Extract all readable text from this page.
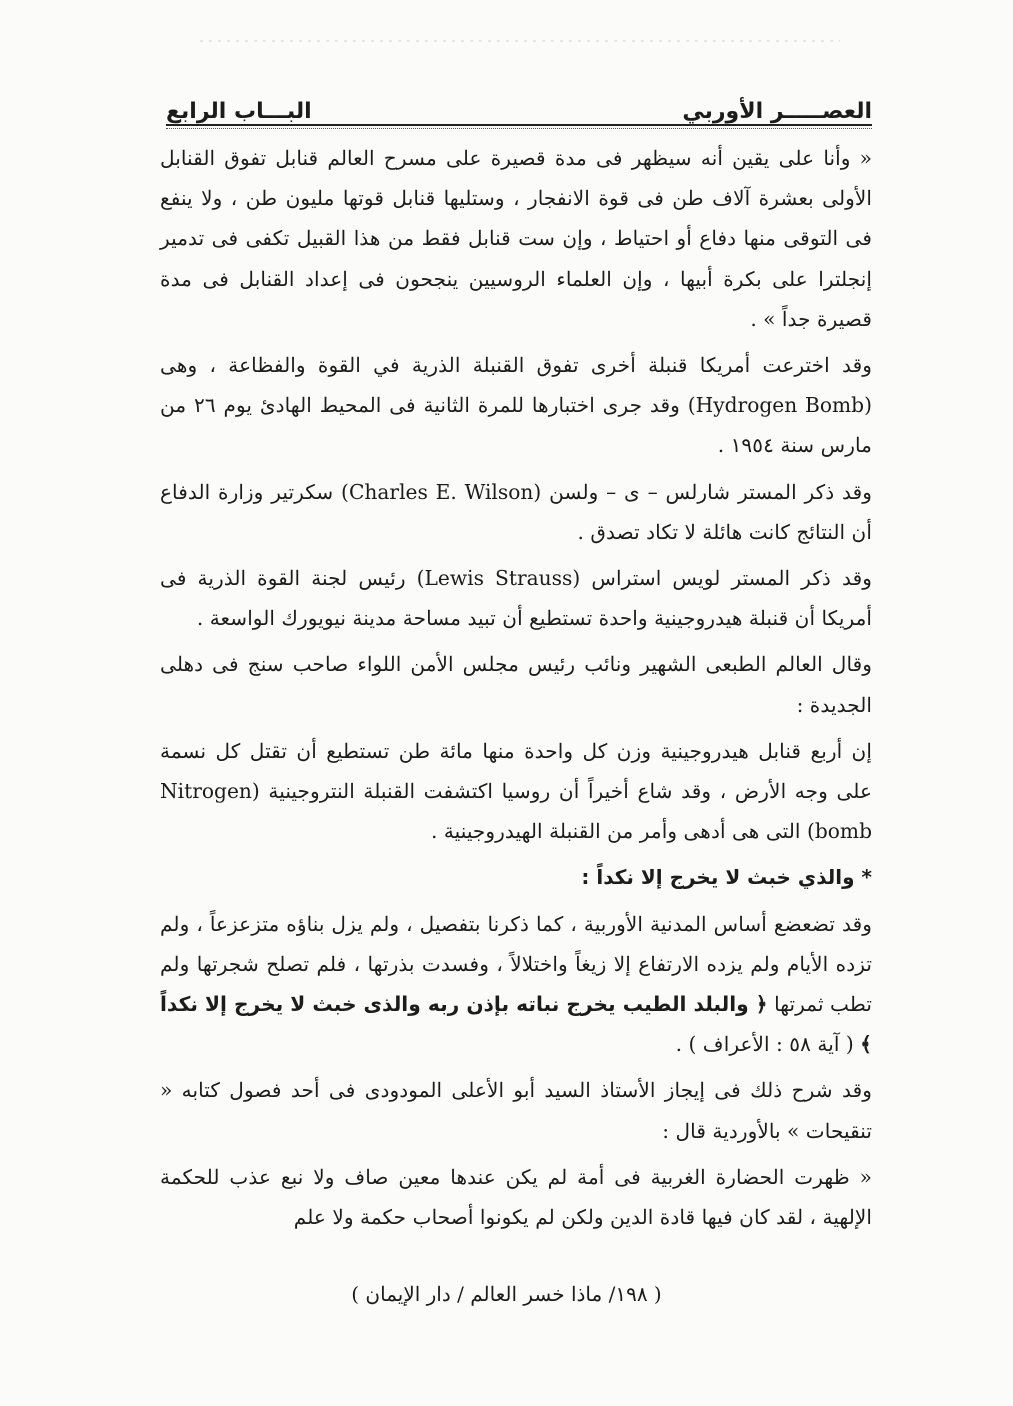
العصـــــر الأوربي
البـــاب الرابع

« وأنا على يقين أنه سيظهر فى مدة قصيرة على مسرح العالم قنابل تفوق القنابل الأولى بعشرة آلاف طن فى قوة الانفجار ، وستليها قنابل قوتها مليون طن ، ولا ينفع فى التوقى منها دفاع أو احتياط ، وإن ست قنابل فقط من هذا القبيل تكفى فى تدمير إنجلترا على بكرة أبيها ، وإن العلماء الروسيين ينجحون فى إعداد القنابل فى مدة قصيرة جداً » .

وقد اخترعت أمريكا قنبلة أخرى تفوق القنبلة الذرية في القوة والفظاعة ، وهى (Hydrogen Bomb) وقد جرى اختبارها للمرة الثانية فى المحيط الهادئ يوم ٢٦ من مارس سنة ١٩٥٤ .

وقد ذكر المستر شارلس – ى – ولسن (Charles E. Wilson) سكرتير وزارة الدفاع أن النتائج كانت هائلة لا تكاد تصدق .

وقد ذكر المستر لويس استراس (Lewis Strauss) رئيس لجنة القوة الذرية فى أمريكا أن قنبلة هيدروجينية واحدة تستطيع أن تبيد مساحة مدينة نيويورك الواسعة .

وقال العالم الطبعى الشهير ونائب رئيس مجلس الأمن اللواء صاحب سنج فى دهلى الجديدة :

إن أربع قنابل هيدروجينية وزن كل واحدة منها مائة طن تستطيع أن تقتل كل نسمة على وجه الأرض ، وقد شاع أخيراً أن روسيا اكتشفت القنبلة النتروجينية (Nitrogen bomb) التى هى أدهى وأمر من القنبلة الهيدروجينية .

* والذي خبث لا يخرج إلا نكداً :

وقد تضعضع أساس المدنية الأوربية ، كما ذكرنا بتفصيل ، ولم يزل بناؤه متزعزعاً ، ولم تزده الأيام ولم يزده الارتفاع إلا زيغاً واختلالاً ، وفسدت بذرتها ، فلم تصلح شجرتها ولم تطب ثمرتها ﴿ والبلد الطيب يخرج نباته بإذن ربه والذى خبث لا يخرج إلا نكداً ﴾ ( آية ٥٨ : الأعراف ) .

وقد شرح ذلك فى إيجاز الأستاذ السيد أبو الأعلى المودودى فى أحد فصول كتابه « تنقيحات » بالأوردية قال :

« ظهرت الحضارة الغربية فى أمة لم يكن عندها معين صاف ولا نبع عذب للحكمة الإلهية ، لقد كان فيها قادة الدين ولكن لم يكونوا أصحاب حكمة ولا علم

( ١٩٨/ ماذا خسر العالم / دار الإيمان )
